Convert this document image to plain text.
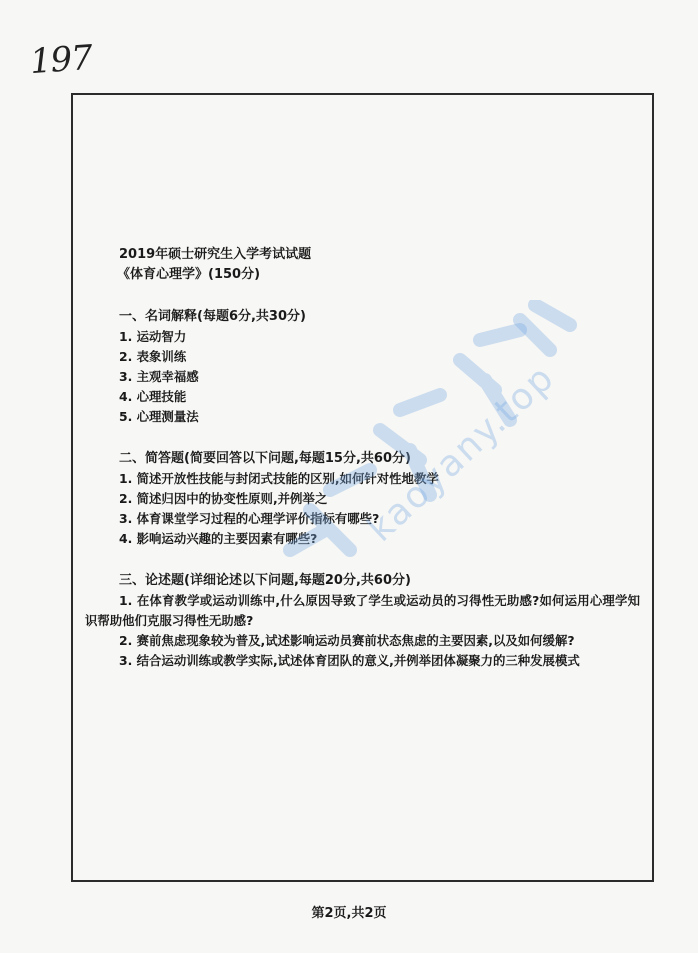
197
2019年硕士研究生入学考试试题
《体育心理学》(150分)
一、名词解释(每题6分,共30分)
1. 运动智力
2. 表象训练
3. 主观幸福感
4. 心理技能
5. 心理测量法
二、简答题(简要回答以下问题,每题15分,共60分)
1. 简述开放性技能与封闭式技能的区别,如何针对性地教学
2. 简述归因中的协变性原则,并例举之
3. 体育课堂学习过程的心理学评价指标有哪些?
4. 影响运动兴趣的主要因素有哪些?
三、论述题(详细论述以下问题,每题20分,共60分)

1. 在体育教学或运动训练中,什么原因导致了学生或运动员的习得性无助感?如何运用心理学知识帮助他们克服习得性无助感?

2. 赛前焦虑现象较为普及,试述影响运动员赛前状态焦虑的主要因素,以及如何缓解?

3. 结合运动训练或教学实际,试述体育团队的意义,并例举团体凝聚力的三种发展模式

kaoyany.top
第2页,共2页
